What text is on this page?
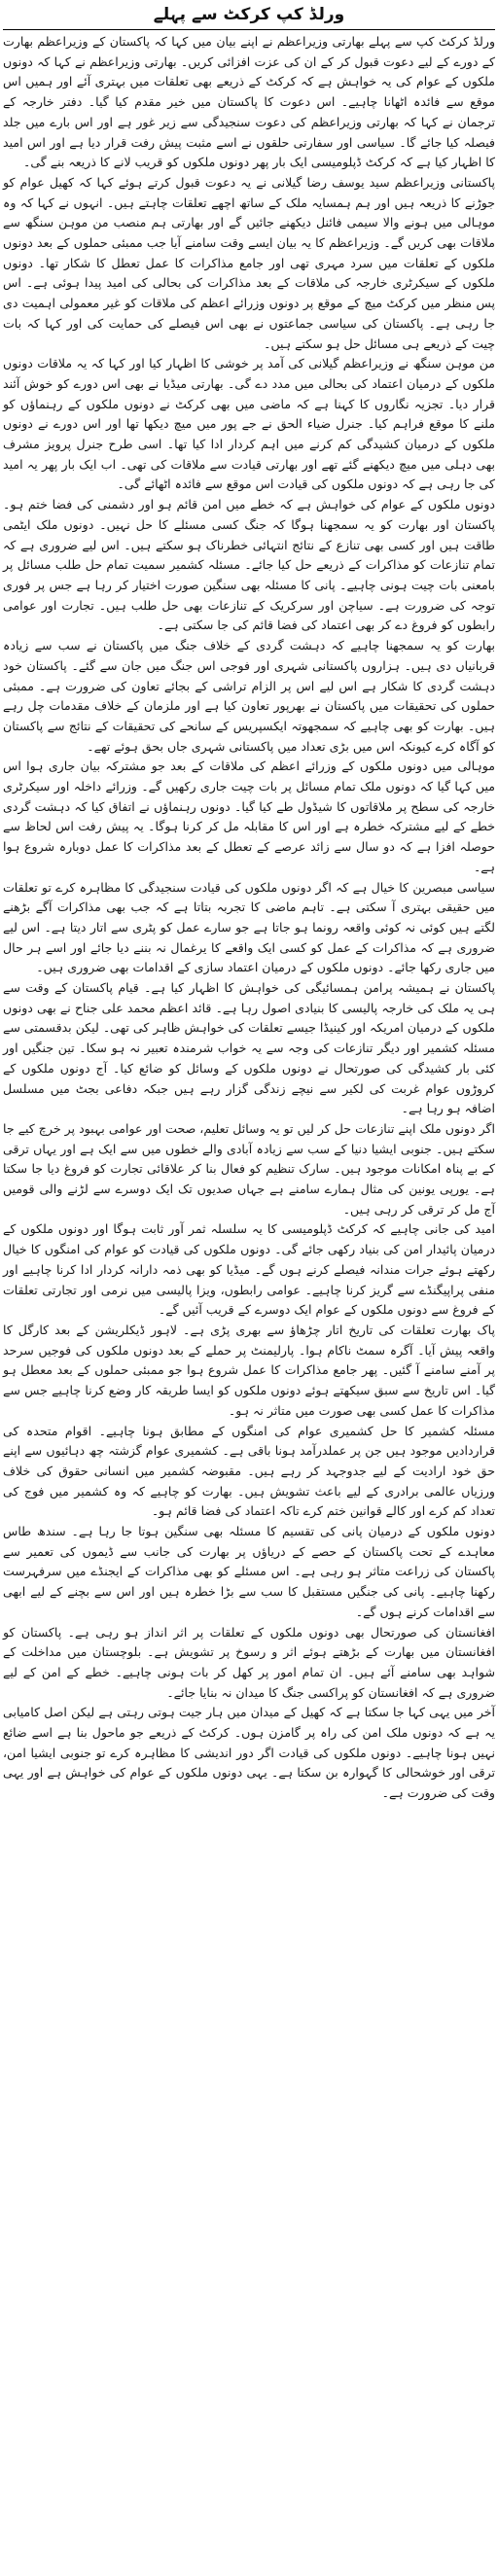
ورلڈ کپ کرکٹ سے پہلے

ورلڈ کرکٹ کپ سے پہلے بھارتی وزیراعظم نے اپنے بیان میں کہا کہ پاکستان کے وزیراعظم بھارت کے دورے کے لیے دعوت قبول کر کے ان کی عزت افزائی کریں۔ بھارتی وزیراعظم نے کہا کہ دونوں ملکوں کے عوام کی یہ خواہش ہے کہ کرکٹ کے ذریعے بھی تعلقات میں بہتری آئے اور ہمیں اس موقع سے فائدہ اٹھانا چاہیے۔ اس دعوت کا پاکستان میں خیر مقدم کیا گیا۔ دفتر خارجہ کے ترجمان نے کہا کہ بھارتی وزیراعظم کی دعوت سنجیدگی سے زیر غور ہے اور اس بارے میں جلد فیصلہ کیا جائے گا۔ سیاسی اور سفارتی حلقوں نے اسے مثبت پیش رفت قرار دیا ہے اور اس امید کا اظہار کیا ہے کہ کرکٹ ڈپلومیسی ایک بار پھر دونوں ملکوں کو قریب لانے کا ذریعہ بنے گی۔

پاکستانی وزیراعظم سید یوسف رضا گیلانی نے یہ دعوت قبول کرتے ہوئے کہا کہ کھیل عوام کو جوڑنے کا ذریعہ ہیں اور ہم ہمسایہ ملک کے ساتھ اچھے تعلقات چاہتے ہیں۔ انہوں نے کہا کہ وہ موہالی میں ہونے والا سیمی فائنل دیکھنے جائیں گے اور بھارتی ہم منصب من موہن سنگھ سے ملاقات بھی کریں گے۔ وزیراعظم کا یہ بیان ایسے وقت سامنے آیا جب ممبئی حملوں کے بعد دونوں ملکوں کے تعلقات میں سرد مہری تھی اور جامع مذاکرات کا عمل تعطل کا شکار تھا۔ دونوں ملکوں کے سیکرٹری خارجہ کی ملاقات کے بعد مذاکرات کی بحالی کی امید پیدا ہوئی ہے۔ اس پس منظر میں کرکٹ میچ کے موقع پر دونوں وزرائے اعظم کی ملاقات کو غیر معمولی اہمیت دی جا رہی ہے۔ پاکستان کی سیاسی جماعتوں نے بھی اس فیصلے کی حمایت کی اور کہا کہ بات چیت کے ذریعے ہی مسائل حل ہو سکتے ہیں۔

من موہن سنگھ نے وزیراعظم گیلانی کی آمد پر خوشی کا اظہار کیا اور کہا کہ یہ ملاقات دونوں ملکوں کے درمیان اعتماد کی بحالی میں مدد دے گی۔ بھارتی میڈیا نے بھی اس دورے کو خوش آئند قرار دیا۔ تجزیہ نگاروں کا کہنا ہے کہ ماضی میں بھی کرکٹ نے دونوں ملکوں کے رہنماؤں کو ملنے کا موقع فراہم کیا۔ جنرل ضیاء الحق نے جے پور میں میچ دیکھا تھا اور اس دورے نے دونوں ملکوں کے درمیان کشیدگی کم کرنے میں اہم کردار ادا کیا تھا۔ اسی طرح جنرل پرویز مشرف بھی دہلی میں میچ دیکھنے گئے تھے اور بھارتی قیادت سے ملاقات کی تھی۔ اب ایک بار پھر یہ امید کی جا رہی ہے کہ دونوں ملکوں کی قیادت اس موقع سے فائدہ اٹھائے گی۔

دونوں ملکوں کے عوام کی خواہش ہے کہ خطے میں امن قائم ہو اور دشمنی کی فضا ختم ہو۔ پاکستان اور بھارت کو یہ سمجھنا ہوگا کہ جنگ کسی مسئلے کا حل نہیں۔ دونوں ملک ایٹمی طاقت ہیں اور کسی بھی تنازع کے نتائج انتہائی خطرناک ہو سکتے ہیں۔ اس لیے ضروری ہے کہ تمام تنازعات کو مذاکرات کے ذریعے حل کیا جائے۔ مسئلہ کشمیر سمیت تمام حل طلب مسائل پر بامعنی بات چیت ہونی چاہیے۔ پانی کا مسئلہ بھی سنگین صورت اختیار کر رہا ہے جس پر فوری توجہ کی ضرورت ہے۔ سیاچن اور سرکریک کے تنازعات بھی حل طلب ہیں۔ تجارت اور عوامی رابطوں کو فروغ دے کر بھی اعتماد کی فضا قائم کی جا سکتی ہے۔

بھارت کو یہ سمجھنا چاہیے کہ دہشت گردی کے خلاف جنگ میں پاکستان نے سب سے زیادہ قربانیاں دی ہیں۔ ہزاروں پاکستانی شہری اور فوجی اس جنگ میں جان سے گئے۔ پاکستان خود دہشت گردی کا شکار ہے اس لیے اس پر الزام تراشی کے بجائے تعاون کی ضرورت ہے۔ ممبئی حملوں کی تحقیقات میں پاکستان نے بھرپور تعاون کیا ہے اور ملزمان کے خلاف مقدمات چل رہے ہیں۔ بھارت کو بھی چاہیے کہ سمجھوتہ ایکسپریس کے سانحے کی تحقیقات کے نتائج سے پاکستان کو آگاہ کرے کیونکہ اس میں بڑی تعداد میں پاکستانی شہری جاں بحق ہوئے تھے۔

موہالی میں دونوں ملکوں کے وزرائے اعظم کی ملاقات کے بعد جو مشترکہ بیان جاری ہوا اس میں کہا گیا کہ دونوں ملک تمام مسائل پر بات چیت جاری رکھیں گے۔ وزرائے داخلہ اور سیکرٹری خارجہ کی سطح پر ملاقاتوں کا شیڈول طے کیا گیا۔ دونوں رہنماؤں نے اتفاق کیا کہ دہشت گردی خطے کے لیے مشترکہ خطرہ ہے اور اس کا مقابلہ مل کر کرنا ہوگا۔ یہ پیش رفت اس لحاظ سے حوصلہ افزا ہے کہ دو سال سے زائد عرصے کے تعطل کے بعد مذاکرات کا عمل دوبارہ شروع ہوا ہے۔

سیاسی مبصرین کا خیال ہے کہ اگر دونوں ملکوں کی قیادت سنجیدگی کا مظاہرہ کرے تو تعلقات میں حقیقی بہتری آ سکتی ہے۔ تاہم ماضی کا تجربہ بتاتا ہے کہ جب بھی مذاکرات آگے بڑھنے لگتے ہیں کوئی نہ کوئی واقعہ رونما ہو جاتا ہے جو سارے عمل کو پٹری سے اتار دیتا ہے۔ اس لیے ضروری ہے کہ مذاکرات کے عمل کو کسی ایک واقعے کا یرغمال نہ بننے دیا جائے اور اسے ہر حال میں جاری رکھا جائے۔ دونوں ملکوں کے درمیان اعتماد سازی کے اقدامات بھی ضروری ہیں۔

پاکستان نے ہمیشہ پرامن ہمسائیگی کی خواہش کا اظہار کیا ہے۔ قیام پاکستان کے وقت سے ہی یہ ملک کی خارجہ پالیسی کا بنیادی اصول رہا ہے۔ قائد اعظم محمد علی جناح نے بھی دونوں ملکوں کے درمیان امریکہ اور کینیڈا جیسے تعلقات کی خواہش ظاہر کی تھی۔ لیکن بدقسمتی سے مسئلہ کشمیر اور دیگر تنازعات کی وجہ سے یہ خواب شرمندہ تعبیر نہ ہو سکا۔ تین جنگیں اور کئی بار کشیدگی کی صورتحال نے دونوں ملکوں کے وسائل کو ضائع کیا۔ آج دونوں ملکوں کے کروڑوں عوام غربت کی لکیر سے نیچے زندگی گزار رہے ہیں جبکہ دفاعی بجٹ میں مسلسل اضافہ ہو رہا ہے۔

اگر دونوں ملک اپنے تنازعات حل کر لیں تو یہ وسائل تعلیم، صحت اور عوامی بہبود پر خرچ کیے جا سکتے ہیں۔ جنوبی ایشیا دنیا کے سب سے زیادہ آبادی والے خطوں میں سے ایک ہے اور یہاں ترقی کے بے پناہ امکانات موجود ہیں۔ سارک تنظیم کو فعال بنا کر علاقائی تجارت کو فروغ دیا جا سکتا ہے۔ یورپی یونین کی مثال ہمارے سامنے ہے جہاں صدیوں تک ایک دوسرے سے لڑنے والی قومیں آج مل کر ترقی کر رہی ہیں۔

امید کی جانی چاہیے کہ کرکٹ ڈپلومیسی کا یہ سلسلہ ثمر آور ثابت ہوگا اور دونوں ملکوں کے درمیان پائیدار امن کی بنیاد رکھی جائے گی۔ دونوں ملکوں کی قیادت کو عوام کی امنگوں کا خیال رکھتے ہوئے جرات مندانہ فیصلے کرنے ہوں گے۔ میڈیا کو بھی ذمہ دارانہ کردار ادا کرنا چاہیے اور منفی پراپیگنڈے سے گریز کرنا چاہیے۔ عوامی رابطوں، ویزا پالیسی میں نرمی اور تجارتی تعلقات کے فروغ سے دونوں ملکوں کے عوام ایک دوسرے کے قریب آئیں گے۔

پاک بھارت تعلقات کی تاریخ اتار چڑھاؤ سے بھری پڑی ہے۔ لاہور ڈیکلریشن کے بعد کارگل کا واقعہ پیش آیا۔ آگرہ سمٹ ناکام ہوا۔ پارلیمنٹ پر حملے کے بعد دونوں ملکوں کی فوجیں سرحد پر آمنے سامنے آ گئیں۔ پھر جامع مذاکرات کا عمل شروع ہوا جو ممبئی حملوں کے بعد معطل ہو گیا۔ اس تاریخ سے سبق سیکھتے ہوئے دونوں ملکوں کو ایسا طریقہ کار وضع کرنا چاہیے جس سے مذاکرات کا عمل کسی بھی صورت میں متاثر نہ ہو۔

مسئلہ کشمیر کا حل کشمیری عوام کی امنگوں کے مطابق ہونا چاہیے۔ اقوام متحدہ کی قراردادیں موجود ہیں جن پر عملدرآمد ہونا باقی ہے۔ کشمیری عوام گزشتہ چھ دہائیوں سے اپنے حق خود ارادیت کے لیے جدوجہد کر رہے ہیں۔ مقبوضہ کشمیر میں انسانی حقوق کی خلاف ورزیاں عالمی برادری کے لیے باعث تشویش ہیں۔ بھارت کو چاہیے کہ وہ کشمیر میں فوج کی تعداد کم کرے اور کالے قوانین ختم کرے تاکہ اعتماد کی فضا قائم ہو۔

دونوں ملکوں کے درمیان پانی کی تقسیم کا مسئلہ بھی سنگین ہوتا جا رہا ہے۔ سندھ طاس معاہدے کے تحت پاکستان کے حصے کے دریاؤں پر بھارت کی جانب سے ڈیموں کی تعمیر سے پاکستان کی زراعت متاثر ہو رہی ہے۔ اس مسئلے کو بھی مذاکرات کے ایجنڈے میں سرفہرست رکھنا چاہیے۔ پانی کی جنگیں مستقبل کا سب سے بڑا خطرہ ہیں اور اس سے بچنے کے لیے ابھی سے اقدامات کرنے ہوں گے۔

افغانستان کی صورتحال بھی دونوں ملکوں کے تعلقات پر اثر انداز ہو رہی ہے۔ پاکستان کو افغانستان میں بھارت کے بڑھتے ہوئے اثر و رسوخ پر تشویش ہے۔ بلوچستان میں مداخلت کے شواہد بھی سامنے آئے ہیں۔ ان تمام امور پر کھل کر بات ہونی چاہیے۔ خطے کے امن کے لیے ضروری ہے کہ افغانستان کو پراکسی جنگ کا میدان نہ بنایا جائے۔

آخر میں یہی کہا جا سکتا ہے کہ کھیل کے میدان میں ہار جیت ہوتی رہتی ہے لیکن اصل کامیابی یہ ہے کہ دونوں ملک امن کی راہ پر گامزن ہوں۔ کرکٹ کے ذریعے جو ماحول بنا ہے اسے ضائع نہیں ہونا چاہیے۔ دونوں ملکوں کی قیادت اگر دور اندیشی کا مظاہرہ کرے تو جنوبی ایشیا امن، ترقی اور خوشحالی کا گہوارہ بن سکتا ہے۔ یہی دونوں ملکوں کے عوام کی خواہش ہے اور یہی وقت کی ضرورت ہے۔
